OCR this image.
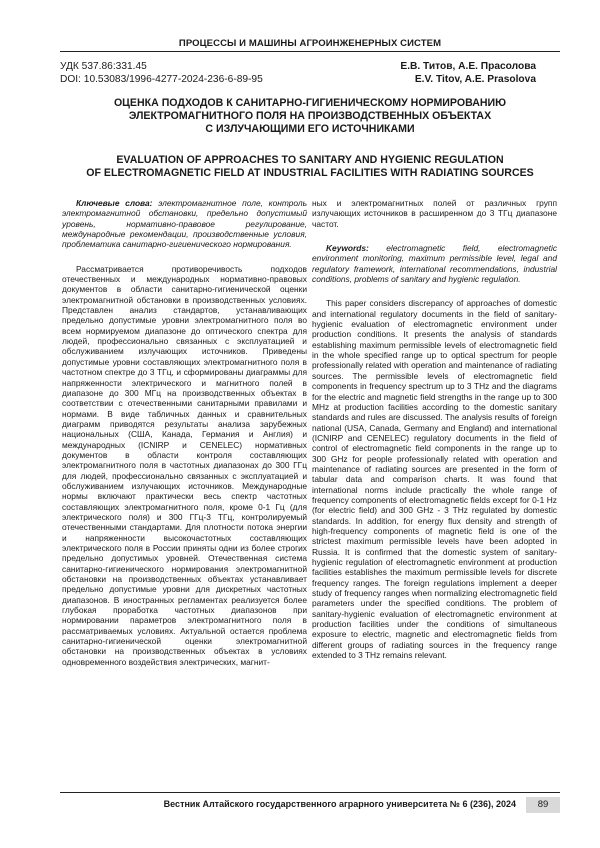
ПРОЦЕССЫ И МАШИНЫ АГРОИНЖЕНЕРНЫХ СИСТЕМ
УДК 537.86:331.45
DOI: 10.53083/1996-4277-2024-236-6-89-95
Е.В. Титов, А.Е. Прасолова
E.V. Titov, A.E. Prasolova
ОЦЕНКА ПОДХОДОВ К САНИТАРНО-ГИГИЕНИЧЕСКОМУ НОРМИРОВАНИЮ
ЭЛЕКТРОМАГНИТНОГО ПОЛЯ НА ПРОИЗВОДСТВЕННЫХ ОБЪЕКТАХ
С ИЗЛУЧАЮЩИМИ ЕГО ИСТОЧНИКАМИ
EVALUATION OF APPROACHES TO SANITARY AND HYGIENIC REGULATION
OF ELECTROMAGNETIC FIELD AT INDUSTRIAL FACILITIES WITH RADIATING SOURCES

Ключевые слова: электромагнитное поле, контроль электромагнитной обстановки, предельно допустимый уровень, нормативно-правовое регулирование, международные рекомендации, производственные условия, проблематика санитарно-гигиенического нормирования.

Рассматривается противоречивость подходов отечественных и международных нормативно-правовых документов в области санитарно-гигиенической оценки электромагнитной обстановки в производственных условиях. Представлен анализ стандартов, устанавливающих предельно допустимые уровни электромагнитного поля во всем нормируемом диапазоне до оптического спектра для людей, профессионально связанных с эксплуатацией и обслуживанием излучающих источников. Приведены допустимые уровни составляющих электромагнитного поля в частотном спектре до 3 ТГц, и сформированы диаграммы для напряженности электрического и магнитного полей в диапазоне до 300 МГц на производственных объектах в соответствии с отечественными санитарными правилами и нормами. В виде табличных данных и сравнительных диаграмм приводятся результаты анализа зарубежных национальных (США, Канада, Германия и Англия) и международных (ICNIRP и CENELEC) нормативных документов в области контроля составляющих электромагнитного поля в частотных диапазонах до 300 ГГц для людей, профессионально связанных с эксплуатацией и обслуживанием излучающих источников. Международные нормы включают практически весь спектр частотных составляющих электромагнитного поля, кроме 0-1 Гц (для электрического поля) и 300 ГГц-3 ТГц, контролируемый отечественными стандартами. Для плотности потока энергии и напряженности высокочастотных составляющих электрического поля в России приняты одни из более строгих предельно допустимых уровней. Отечественная система санитарно-гигиенического нормирования электромагнитной обстановки на производственных объектах устанавливает предельно допустимые уровни для дискретных частотных диапазонов. В иностранных регламентах реализуется более глубокая проработка частотных диапазонов при нормировании параметров электромагнитного поля в рассматриваемых условиях. Актуальной остается проблема санитарно-гигиенической оценки электромагнитной обстановки на производственных объектах в условиях одновременного воздействия электрических, магнит-

ных и электромагнитных полей от различных групп излучающих источников в расширенном до 3 ТГц диапазоне частот.

Keywords: electromagnetic field, electromagnetic environment monitoring, maximum permissible level, legal and regulatory framework, international recommendations, industrial conditions, problems of sanitary and hygienic regulation.

This paper considers discrepancy of approaches of domestic and international regulatory documents in the field of sanitary-hygienic evaluation of electromagnetic environment under production conditions. It presents the analysis of standards establishing maximum permissible levels of electromagnetic field in the whole specified range up to optical spectrum for people professionally related with operation and maintenance of radiating sources. The permissible levels of electromagnetic field components in frequency spectrum up to 3 THz and the diagrams for the electric and magnetic field strengths in the range up to 300 MHz at production facilities according to the domestic sanitary standards and rules are discussed. The analysis results of foreign national (USA, Canada, Germany and England) and international (ICNIRP and CENELEC) regulatory documents in the field of control of electromagnetic field components in the range up to 300 GHz for people professionally related with operation and maintenance of radiating sources are presented in the form of tabular data and comparison charts. It was found that international norms include practically the whole range of frequency components of electromagnetic fields except for 0-1 Hz (for electric field) and 300 GHz - 3 THz regulated by domestic standards. In addition, for energy flux density and strength of high-frequency components of magnetic field is one of the strictest maximum permissible levels have been adopted in Russia. It is confirmed that the domestic system of sanitary-hygienic regulation of electromagnetic environment at production facilities establishes the maximum permissible levels for discrete frequency ranges. The foreign regulations implement a deeper study of frequency ranges when normalizing electromagnetic field parameters under the specified conditions. The problem of sanitary-hygienic evaluation of electromagnetic environment at production facilities under the conditions of simultaneous exposure to electric, magnetic and electromagnetic fields from different groups of radiating sources in the frequency range extended to 3 THz remains relevant.

Вестник Алтайского государственного аграрного университета № 6 (236), 2024	89
